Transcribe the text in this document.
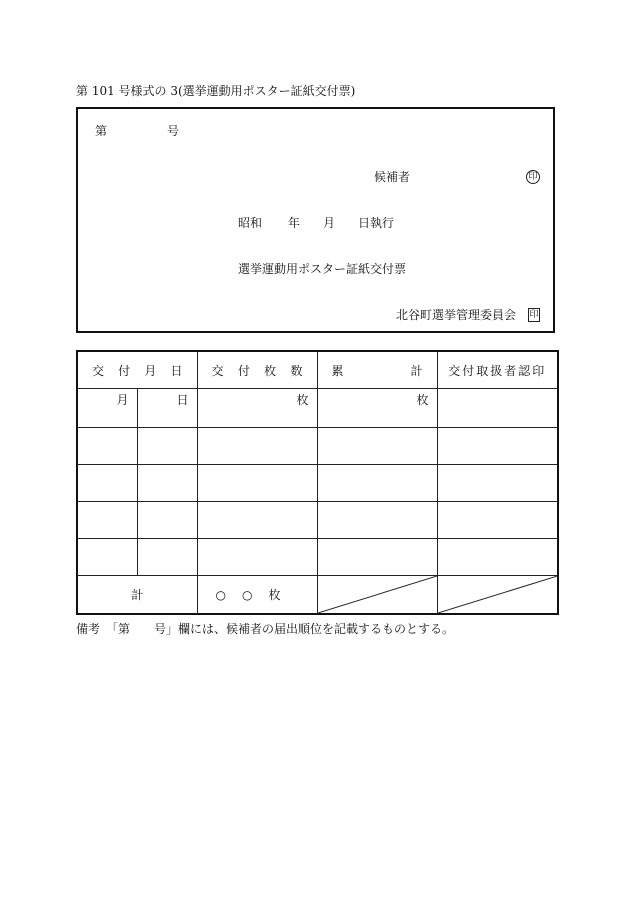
第 101 号様式の 3(選挙運動用ポスター証紙交付票)
第	号
候補者	印
昭和 年 月 日執行
選挙運動用ポスター証紙交付票
北谷町選挙管理委員会 印
交 付 月 日		交 付 枚 数	累 計	交付取扱者認印
月	日	枚	枚	

計		○　○　枚	

備考　「第　　号」欄には、候補者の届出順位を記載するものとする。
